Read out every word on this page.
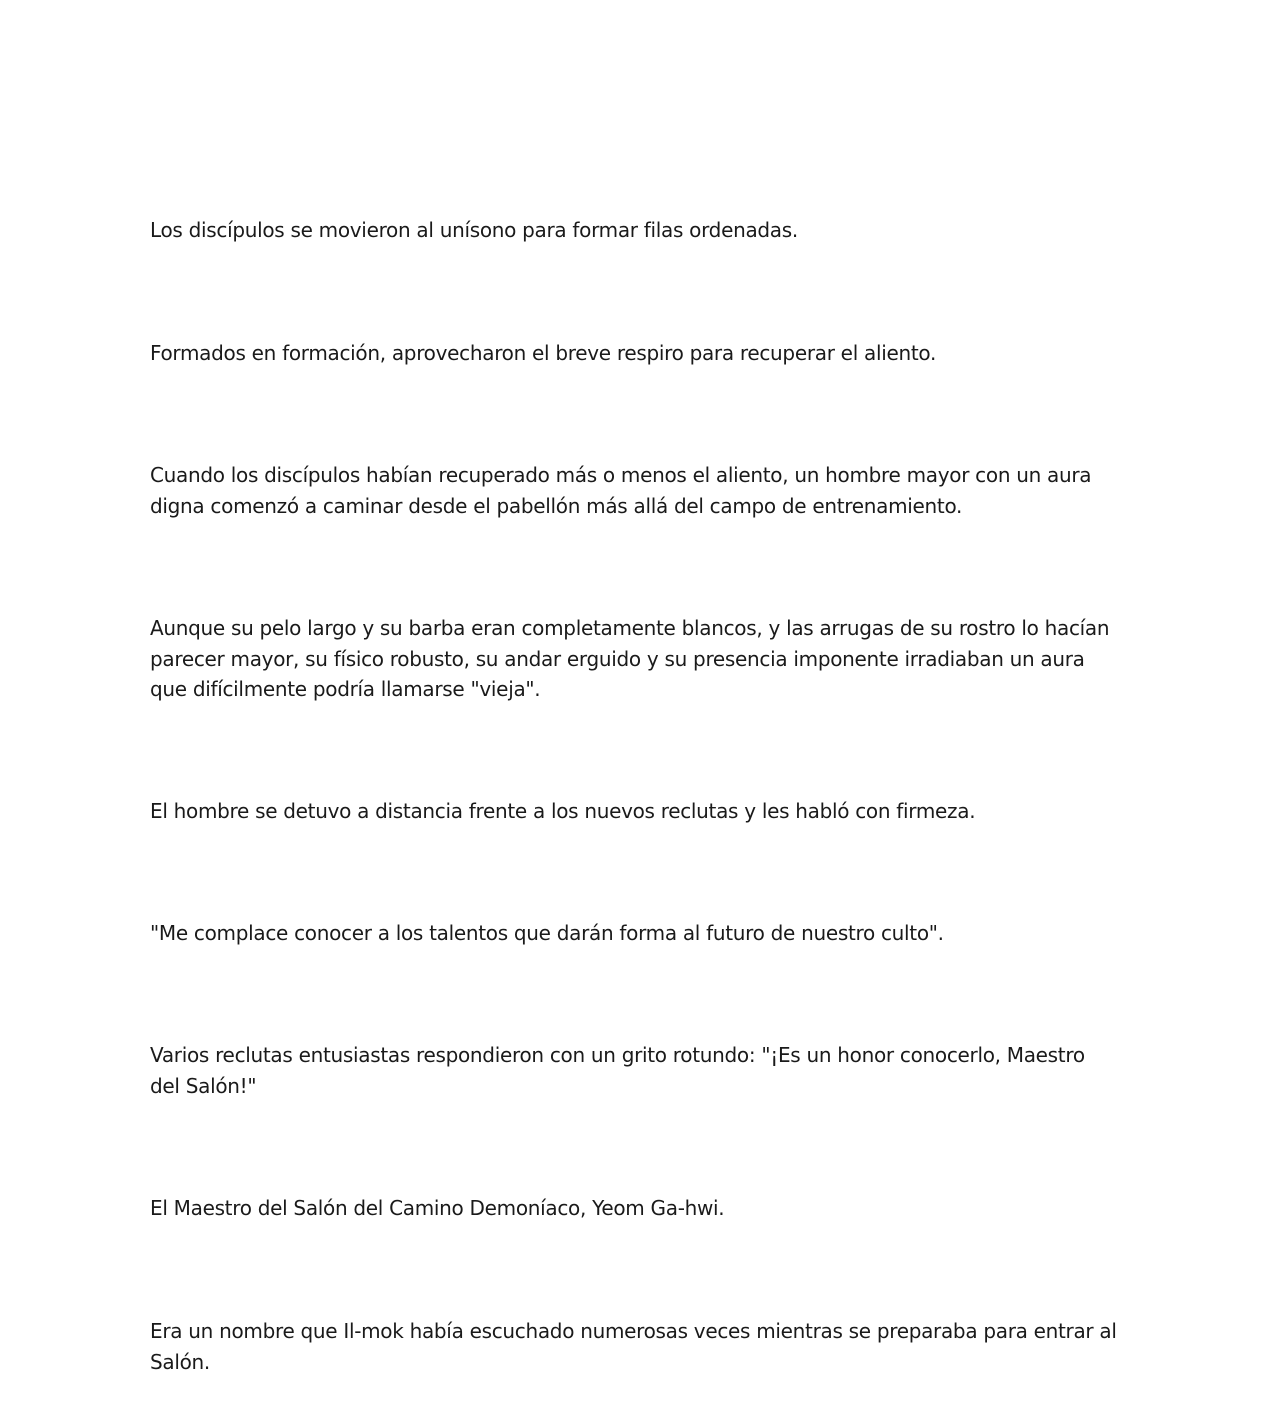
Los discípulos se movieron al unísono para formar filas ordenadas.

Formados en formación, aprovecharon el breve respiro para recuperar el aliento.

Cuando los discípulos habían recuperado más o menos el aliento, un hombre mayor con un aura digna comenzó a caminar desde el pabellón más allá del campo de entrenamiento.

Aunque su pelo largo y su barba eran completamente blancos, y las arrugas de su rostro lo hacían parecer mayor, su físico robusto, su andar erguido y su presencia imponente irradiaban un aura que difícilmente podría llamarse "vieja".

El hombre se detuvo a distancia frente a los nuevos reclutas y les habló con firmeza.

"Me complace conocer a los talentos que darán forma al futuro de nuestro culto".

Varios reclutas entusiastas respondieron con un grito rotundo: "¡Es un honor conocerlo, Maestro del Salón!"

El Maestro del Salón del Camino Demoníaco, Yeom Ga-hwi.

Era un nombre que Il-mok había escuchado numerosas veces mientras se preparaba para entrar al Salón.
